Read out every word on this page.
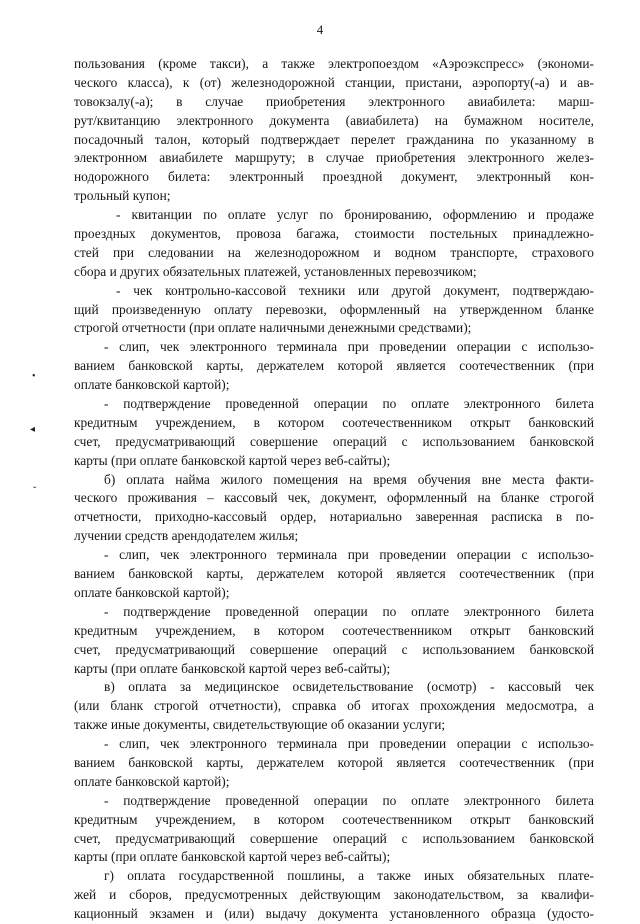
4
пользования (кроме такси), а также электропоездом «Аэроэкспресс» (экономи-
ческого класса), к (от) железнодорожной станции, пристани, аэропорту(-а) и ав-
товокзалу(-а); в случае приобретения электронного авиабилета: марш-
рут/квитанцию электронного документа (авиабилета) на бумажном носителе,
посадочный талон, который подтверждает перелет гражданина по указанному в
электронном авиабилете маршруту; в случае приобретения электронного желез-
нодорожного билета: электронный проездной документ, электронный кон-
трольный купон;
- квитанции по оплате услуг по бронированию, оформлению и продаже
проездных документов, провоза багажа, стоимости постельных принадлежно-
стей при следовании на железнодорожном и водном транспорте, страхового
сбора и других обязательных платежей, установленных перевозчиком;
- чек контрольно-кассовой техники или другой документ, подтверждаю-
щий произведенную оплату перевозки, оформленный на утвержденном бланке
строгой отчетности (при оплате наличными денежными средствами);
- слип, чек электронного терминала при проведении операции с использо-
ванием банковской карты, держателем которой является соотечественник (при
оплате банковской картой);
- подтверждение проведенной операции по оплате электронного билета
кредитным учреждением, в котором соотечественником открыт банковский
счет, предусматривающий совершение операций с использованием банковской
карты (при оплате банковской картой через веб-сайты);
б) оплата найма жилого помещения на время обучения вне места факти-
ческого проживания – кассовый чек, документ, оформленный на бланке строгой
отчетности, приходно-кассовый ордер, нотариально заверенная расписка в по-
лучении средств арендодателем жилья;
- слип, чек электронного терминала при проведении операции с использо-
ванием банковской карты, держателем которой является соотечественник (при
оплате банковской картой);
- подтверждение проведенной операции по оплате электронного билета
кредитным учреждением, в котором соотечественником открыт банковский
счет, предусматривающий совершение операций с использованием банковской
карты (при оплате банковской картой через веб-сайты);
в) оплата за медицинское освидетельствование (осмотр) - кассовый чек
(или бланк строгой отчетности), справка об итогах прохождения медосмотра, а
также иные документы, свидетельствующие об оказании услуги;
- слип, чек электронного терминала при проведении операции с использо-
ванием банковской карты, держателем которой является соотечественник (при
оплате банковской картой);
- подтверждение проведенной операции по оплате электронного билета
кредитным учреждением, в котором соотечественником открыт банковский
счет, предусматривающий совершение операций с использованием банковской
карты (при оплате банковской картой через веб-сайты);
г) оплата государственной пошлины, а также иных обязательных плате-
жей и сборов, предусмотренных действующим законодательством, за квалифи-
кационный экзамен и (или) выдачу документа установленного образца (удосто-
•
◂
ˇ
